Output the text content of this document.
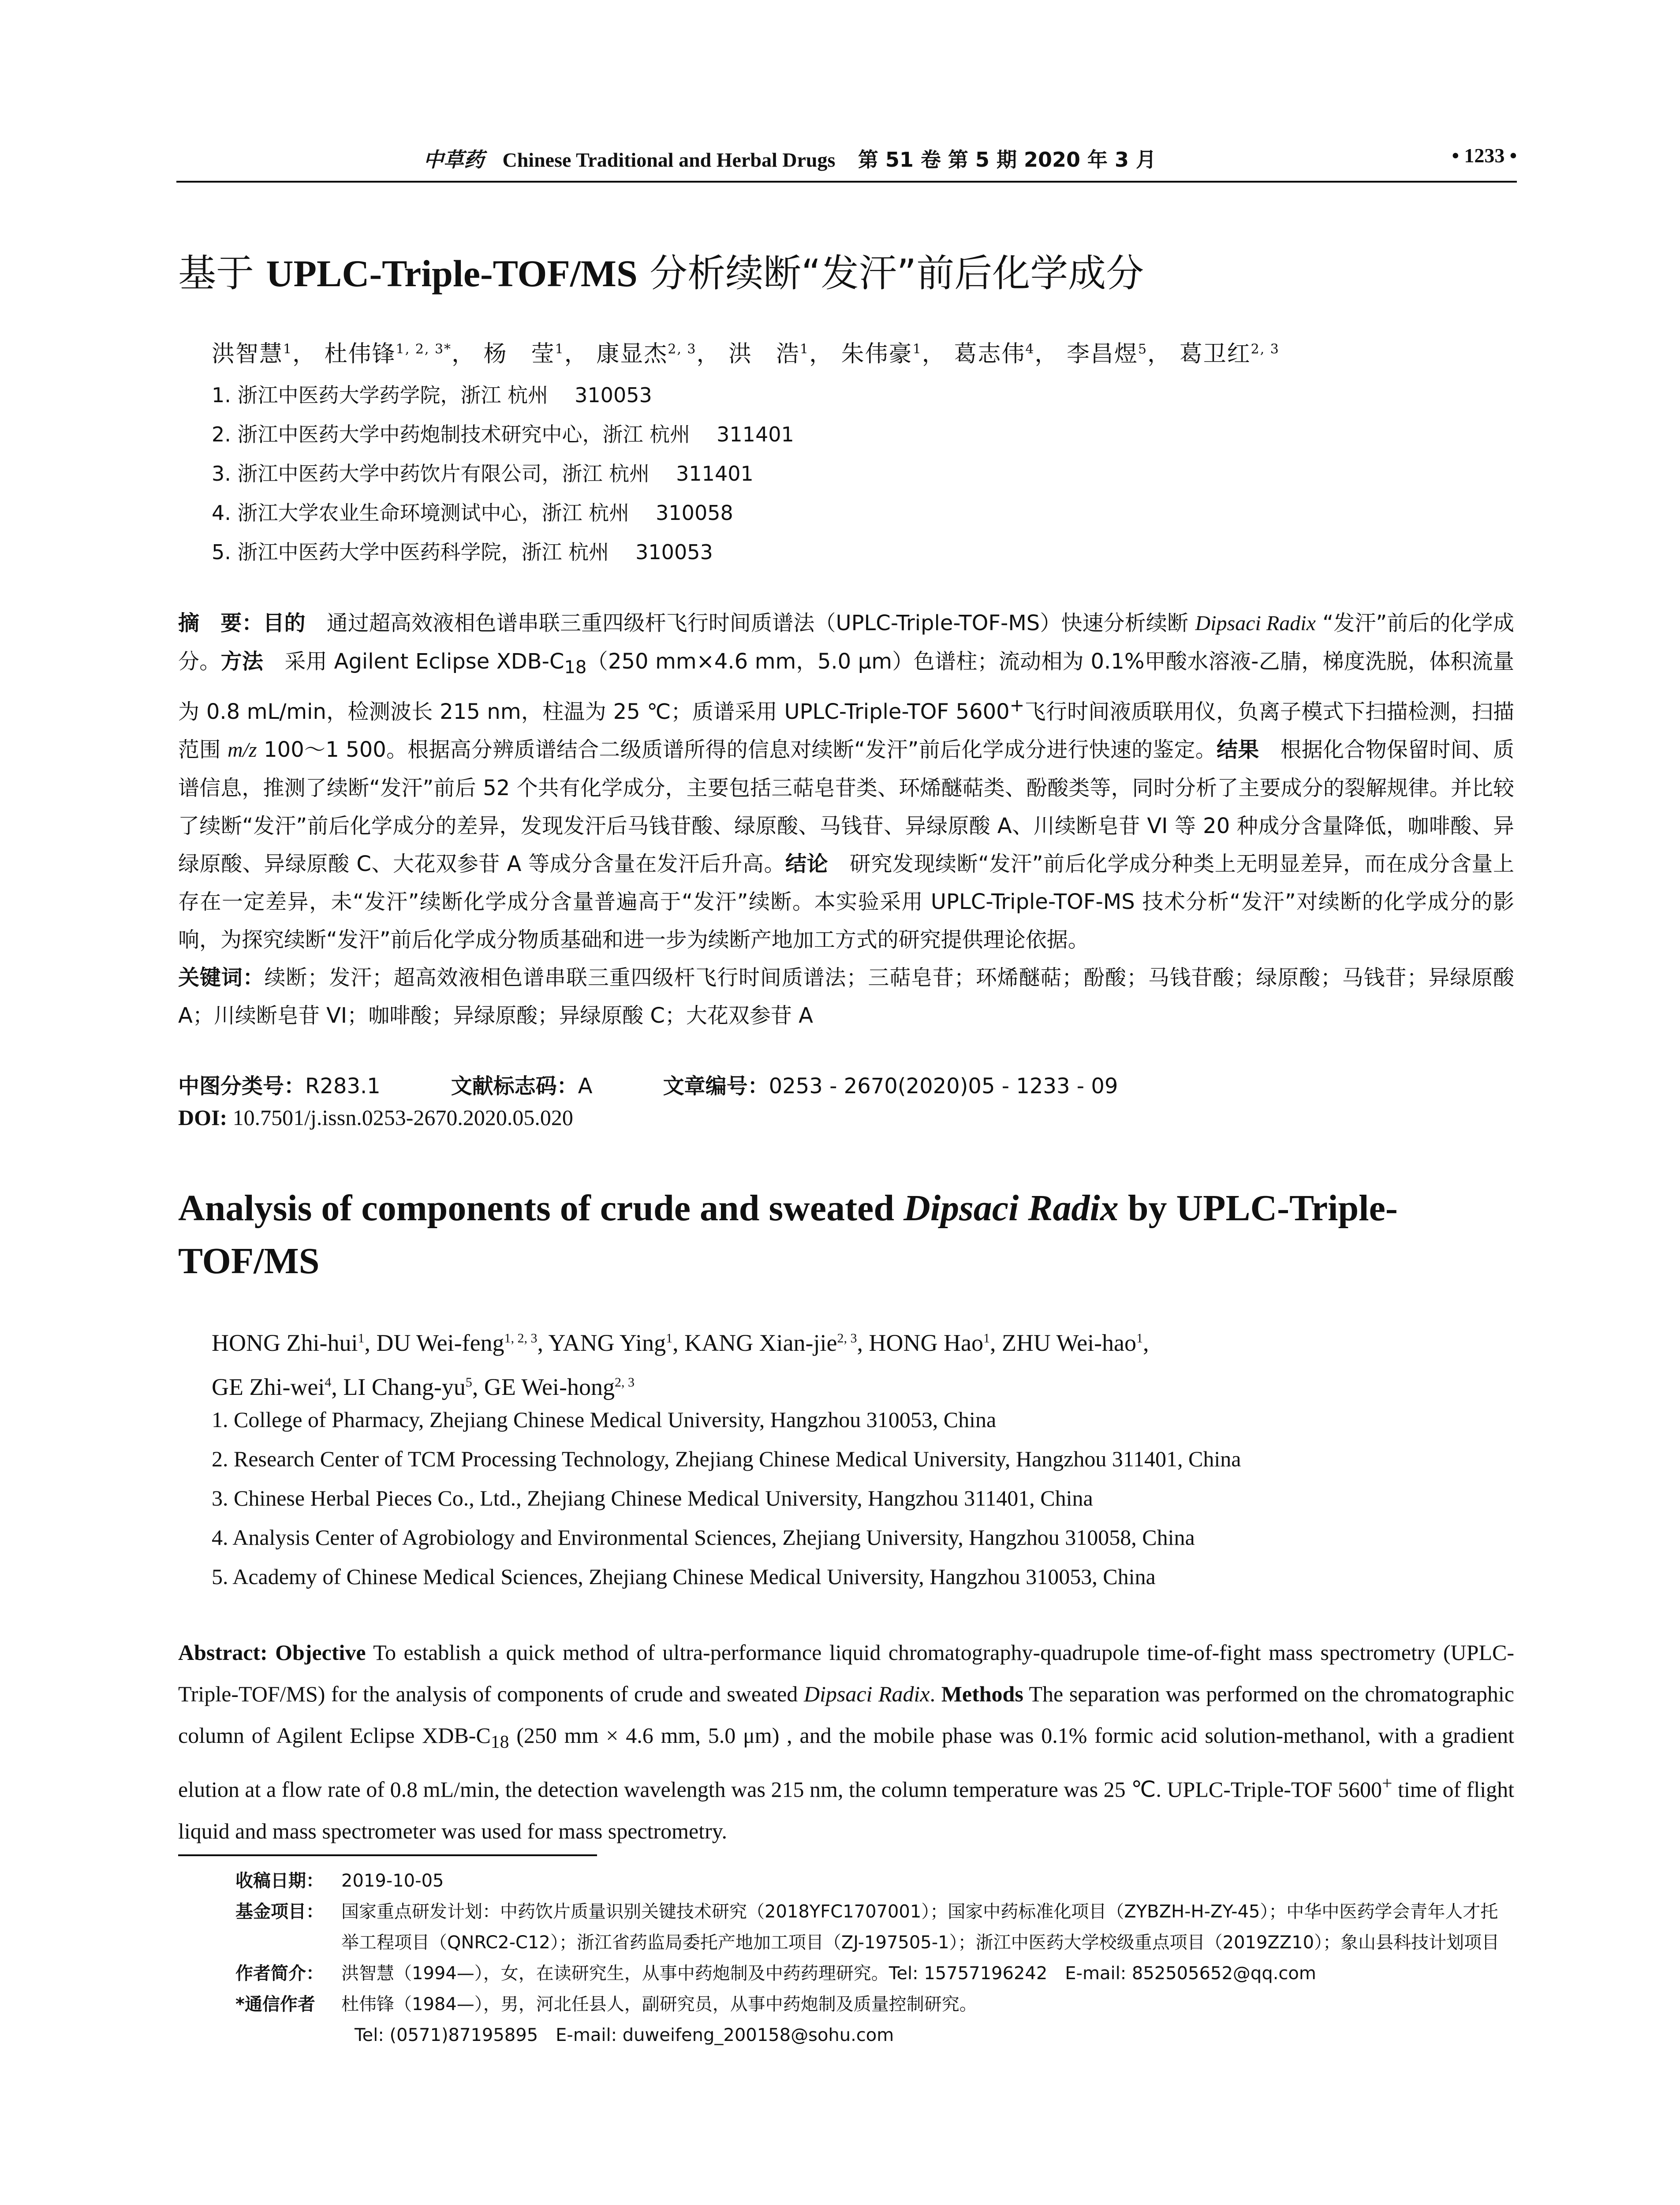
中草药 Chinese Traditional and Herbal Drugs 第 51 卷 第 5 期 2020 年 3 月	• 1233 •
基于 UPLC-Triple-TOF/MS 分析续断“发汗”前后化学成分
洪智慧$^1$， 杜伟锋$^{1, 2, 3*}$， 杨　莹$^1$， 康显杰$^{2, 3}$， 洪　浩$^1$， 朱伟豪$^1$， 葛志伟$^4$， 李昌煜$^5$， 葛卫红$^{2, 3}$
1. 浙江中医药大学药学院，浙江 杭州 310053
2. 浙江中医药大学中药炮制技术研究中心，浙江 杭州 311401
3. 浙江中医药大学中药饮片有限公司，浙江 杭州 311401
4. 浙江大学农业生命环境测试中心，浙江 杭州 310058
5. 浙江中医药大学中医药科学院，浙江 杭州 310053
摘　要：目的　通过超高效液相色谱串联三重四级杆飞行时间质谱法（UPLC-Triple-TOF-MS）快速分析续断 Dipsaci Radix “发汗”前后的化学成分。方法　采用 Agilent Eclipse XDB-$C_{18}(250$ mm×4.6 mm，5.0 μm）色谱柱；流动相为 0.1%甲酸水溶液-乙腈，梯度洗脱，体积流量为 0.8 mL/min，检测波长 215 nm，柱温为 25 ℃；质谱采用 UPLC-Triple-TOF 5600+飞行时间液质联用仪，负离子模式下扫描检测，扫描范围 m/z 100～1 500。根据高分辨质谱结合二级质谱所得的信息对续断“发汗”前后化学成分进行快速的鉴定。结果　根据化合物保留时间、质谱信息，推测了续断“发汗”前后 52 个共有化学成分，主要包括三萜皂苷类、环烯醚萜类、酚酸类等，同时分析了主要成分的裂解规律。并比较了续断“发汗”前后化学成分的差异，发现发汗后马钱苷酸、绿原酸、马钱苷、异绿原酸 A、川续断皂苷 VI 等 20 种成分含量降低，咖啡酸、异绿原酸、异绿原酸 C、大花双参苷 A 等成分含量在发汗后升高。结论　研究发现续断“发汗”前后化学成分种类上无明显差异，而在成分含量上存在一定差异，未“发汗”续断化学成分含量普遍高于“发汗”续断。本实验采用 UPLC-Triple-TOF-MS 技术分析“发汗”对续断的化学成分的影响，为探究续断“发汗”前后化学成分物质基础和进一步为续断产地加工方式的研究提供理论依据。
关键词：续断；发汗；超高效液相色谱串联三重四级杆飞行时间质谱法；三萜皂苷；环烯醚萜；酚酸；马钱苷酸；绿原酸；马钱苷；异绿原酸 A；川续断皂苷 VI；咖啡酸；异绿原酸；异绿原酸 C；大花双参苷 A
中图分类号：R283.1	文献标志码：A	文章编号：0253 - 2670(2020)05 - 1233 - 09
DOI: 10.7501/j.issn.0253-2670.2020.05.020
Analysis of components of crude and sweated Dipsaci Radix by UPLC-Triple-TOF/MS
HONG Zhi-hui$^1$, DU Wei-feng$^{1, 2, 3}$, YANG Ying$^1$, KANG Xian-jie$^{2, 3}$, HONG Hao$^1$, ZHU Wei-hao$^1$,
GE Zhi-wei$^4$, LI Chang-$yu^5$, GE Wei-hong$^{2, 3}$
1. College of Pharmacy, Zhejiang Chinese Medical University, Hangzhou 310053, China
2. Research Center of TCM Processing Technology, Zhejiang Chinese Medical University, Hangzhou 311401, China
3. Chinese Herbal Pieces Co., Ltd., Zhejiang Chinese Medical University, Hangzhou 311401, China
4. Analysis Center of Agrobiology and Environmental Sciences, Zhejiang University, Hangzhou 310058, China
5. Academy of Chinese Medical Sciences, Zhejiang Chinese Medical University, Hangzhou 310053, China
Abstract: Objective To establish a quick method of ultra-performance liquid chromatography-quadrupole time-of-fight mass spectrometry (UPLC-Triple-TOF/MS) for the analysis of components of crude and sweated Dipsaci Radix. Methods The separation was performed on the chromatographic column of Agilent Eclipse XDB-$C_{18}$ (250 mm × 4.6 mm, 5.0 μm) , and the mobile phase was 0.1% formic acid solution-methanol, with a gradient elution at a flow rate of 0.8 mL/min, the detection wavelength was 215 nm, the column temperature was 25 ℃. UPLC-Triple-TOF 5600+ time of flight liquid and mass spectrometer was used for mass spectrometry.
收稿日期： 2019-10-05
基金项目： 国家重点研发计划：中药饮片质量识别关键技术研究（2018YFC1707001）；国家中药标准化项目（ZYBZH-H-ZY-45）；中华中医药学会青年人才托举工程项目（QNRC2-C12）；浙江省药监局委托产地加工项目（ZJ-197505-1）；浙江中医药大学校级重点项目（2019ZZ10）；象山县科技计划项目
作者简介： 洪智慧（1994—），女，在读研究生，从事中药炮制及中药药理研究。Tel: 15757196242　E-mail: 852505652@qq.com
*通信作者 杜伟锋（1984—），男，河北任县人，副研究员，从事中药炮制及质量控制研究。
Tel: (0571)87195895　E-mail: duweifeng_200158@sohu.com
